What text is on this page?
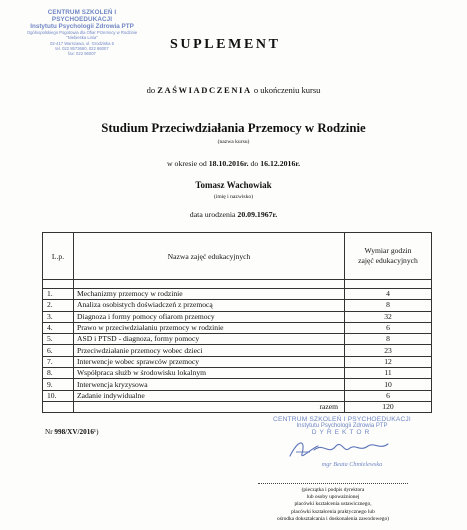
CENTRUM SZKOLEŃ I PSYCHOEDUKACJI
Instytutu Psychologii Zdrowia PTP
Ogólnopolskiego Pogotowia dla Ofiar Przemocy w Rodzinie "Niebieska Linia"
02-417 Warszawa, ul. Grodziska 5
tel. 022 8573660, 022 86007
fax: 022 86007
SUPLEMENT
do ZAŚWIADCZENIA o ukończeniu kursu
Studium Przeciwdziałania Przemocy w Rodzinie
(nazwa kursu)
w okresie od 18.10.2016r. do 16.12.2016r.
Tomasz Wachowiak
(imię i nazwisko)
data urodzenia 20.09.1967r.
L.p.	Nazwa zajęć edukacyjnych	Wymiar godzin
zajęć edukacyjnych

1.	Mechanizmy przemocy w rodzinie	4
2.	Analiza osobistych doświadczeń z przemocą	8
3.	Diagnoza i formy pomocy ofiarom przemocy	32
4.	Prawo w przeciwdziałaniu przemocy w rodzinie	6
5.	ASD i PTSD - diagnoza, formy pomocy	8
6.	Przeciwdziałanie przemocy wobec dzieci	23
7.	Interwencje wobec sprawców przemocy	12
8.	Współpraca służb w środowisku lokalnym	11
9.	Interwencja kryzysowa	10
10.	Zadanie indywidualne	6
	razem	120
Nr 998/XV/2016¹)
CENTRUM SZKOLEŃ I PSYCHOEDUKACJI
Instytutu Psychologii Zdrowia PTP
DYREKTOR
mgr Beata Chmielewska
(pieczątka i podpis dyrektora
lub osoby upoważnionej
placówki kształcenia ustawicznego,
placówki kształcenia praktycznego lub
ośrodka dokształcania i doskonalenia zawodowego)
